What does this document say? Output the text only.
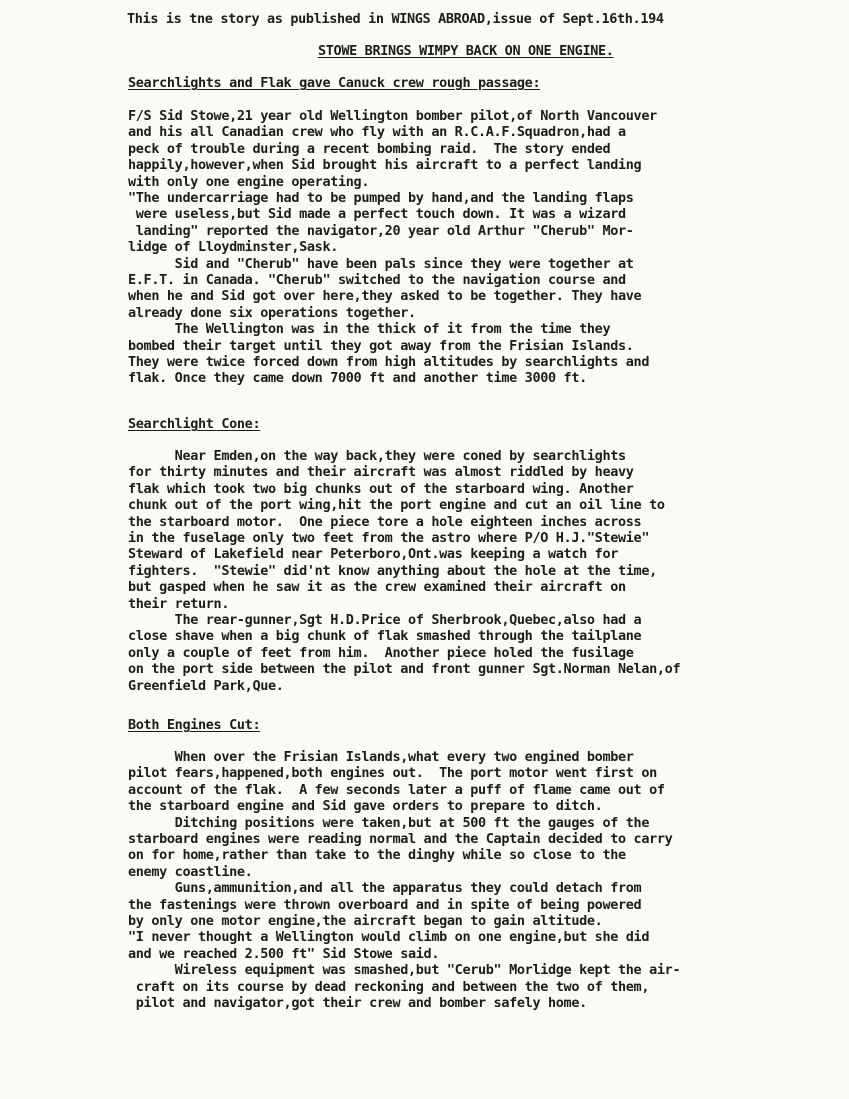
This is tne story as published in WINGS ABROAD,issue of Sept.16th.194
STOWE BRINGS WIMPY BACK ON ONE ENGINE.
Searchlights and Flak gave Canuck crew rough passage:
F/S Sid Stowe,21 year old Wellington bomber pilot,of North Vancouver
and his all Canadian crew who fly with an R.C.A.F.Squadron,had a
peck of trouble during a recent bombing raid.  The story ended
happily,however,when Sid brought his aircraft to a perfect landing
with only one engine operating.
"The undercarriage had to be pumped by hand,and the landing flaps
were useless,but Sid made a perfect touch down. It was a wizard
landing" reported the navigator,20 year old Arthur "Cherub" Mor-
lidge of Lloydminster,Sask.
Sid and "Cherub" have been pals since they were together at
E.F.T. in Canada. "Cherub" switched to the navigation course and
when he and Sid got over here,they asked to be together. They have
already done six operations together.
The Wellington was in the thick of it from the time they
bombed their target until they got away from the Frisian Islands.
They were twice forced down from high altitudes by searchlights and
flak. Once they came down 7000 ft and another time 3000 ft.
Searchlight Cone:
Near Emden,on the way back,they were coned by searchlights
for thirty minutes and their aircraft was almost riddled by heavy
flak which took two big chunks out of the starboard wing. Another
chunk out of the port wing,hit the port engine and cut an oil line to
the starboard motor.  One piece tore a hole eighteen inches across
in the fuselage only two feet from the astro where P/O H.J."Stewie"
Steward of Lakefield near Peterboro,Ont.was keeping a watch for
fighters.  "Stewie" did'nt know anything about the hole at the time,
but gasped when he saw it as the crew examined their aircraft on
their return.
The rear-gunner,Sgt H.D.Price of Sherbrook,Quebec,also had a
close shave when a big chunk of flak smashed through the tailplane
only a couple of feet from him.  Another piece holed the fusilage
on the port side between the pilot and front gunner Sgt.Norman Nelan,of
Greenfield Park,Que.
Both Engines Cut:
When over the Frisian Islands,what every two engined bomber
pilot fears,happened,both engines out.  The port motor went first on
account of the flak.  A few seconds later a puff of flame came out of
the starboard engine and Sid gave orders to prepare to ditch.
Ditching positions were taken,but at 500 ft the gauges of the
starboard engines were reading normal and the Captain decided to carry
on for home,rather than take to the dinghy while so close to the
enemy coastline.
Guns,ammunition,and all the apparatus they could detach from
the fastenings were thrown overboard and in spite of being powered
by only one motor engine,the aircraft began to gain altitude.
"I never thought a Wellington would climb on one engine,but she did
and we reached 2.500 ft" Sid Stowe said.
Wireless equipment was smashed,but "Cerub" Morlidge kept the air-
craft on its course by dead reckoning and between the two of them,
pilot and navigator,got their crew and bomber safely home.
